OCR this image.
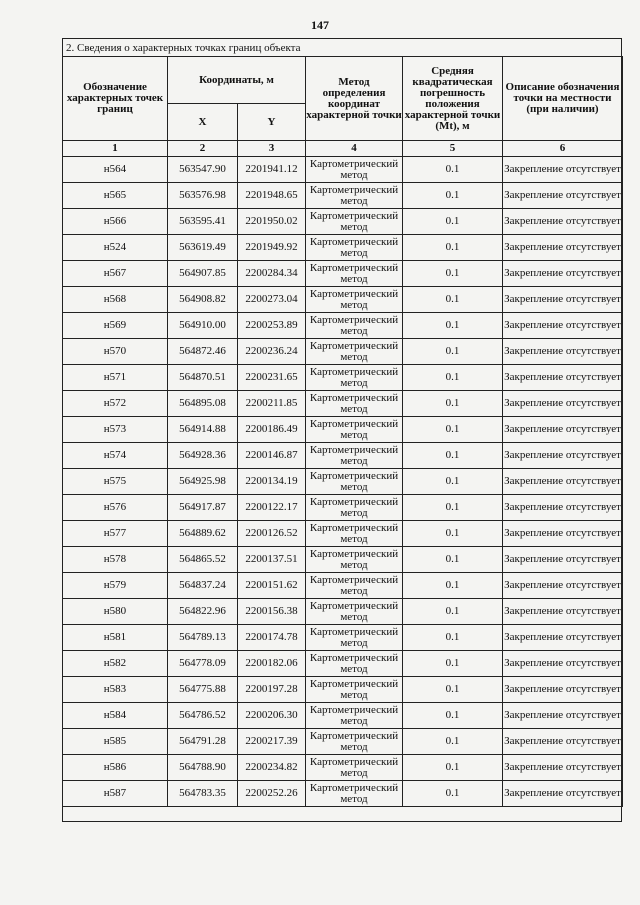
147
2. Сведения о характерных точках границ объекта
Обозначение характерных точек границ	Координаты, м		Метод определения координат характерной точки	Средняя квадратическая погрешность положения характерной точки (Mt), м	Описание обозначения точки на местности (при наличии)
	X	Y			
1	2	3	4	5	6
н564	563547.90	2201941.12	Картометрический метод	0.1	Закрепление отсутствует
н565	563576.98	2201948.65	Картометрический метод	0.1	Закрепление отсутствует
н566	563595.41	2201950.02	Картометрический метод	0.1	Закрепление отсутствует
н524	563619.49	2201949.92	Картометрический метод	0.1	Закрепление отсутствует
н567	564907.85	2200284.34	Картометрический метод	0.1	Закрепление отсутствует
н568	564908.82	2200273.04	Картометрический метод	0.1	Закрепление отсутствует
н569	564910.00	2200253.89	Картометрический метод	0.1	Закрепление отсутствует
н570	564872.46	2200236.24	Картометрический метод	0.1	Закрепление отсутствует
н571	564870.51	2200231.65	Картометрический метод	0.1	Закрепление отсутствует
н572	564895.08	2200211.85	Картометрический метод	0.1	Закрепление отсутствует
н573	564914.88	2200186.49	Картометрический метод	0.1	Закрепление отсутствует
н574	564928.36	2200146.87	Картометрический метод	0.1	Закрепление отсутствует
н575	564925.98	2200134.19	Картометрический метод	0.1	Закрепление отсутствует
н576	564917.87	2200122.17	Картометрический метод	0.1	Закрепление отсутствует
н577	564889.62	2200126.52	Картометрический метод	0.1	Закрепление отсутствует
н578	564865.52	2200137.51	Картометрический метод	0.1	Закрепление отсутствует
н579	564837.24	2200151.62	Картометрический метод	0.1	Закрепление отсутствует
н580	564822.96	2200156.38	Картометрический метод	0.1	Закрепление отсутствует
н581	564789.13	2200174.78	Картометрический метод	0.1	Закрепление отсутствует
н582	564778.09	2200182.06	Картометрический метод	0.1	Закрепление отсутствует
н583	564775.88	2200197.28	Картометрический метод	0.1	Закрепление отсутствует
н584	564786.52	2200206.30	Картометрический метод	0.1	Закрепление отсутствует
н585	564791.28	2200217.39	Картометрический метод	0.1	Закрепление отсутствует
н586	564788.90	2200234.82	Картометрический метод	0.1	Закрепление отсутствует
н587	564783.35	2200252.26	Картометрический метод	0.1	Закрепление отсутствует
